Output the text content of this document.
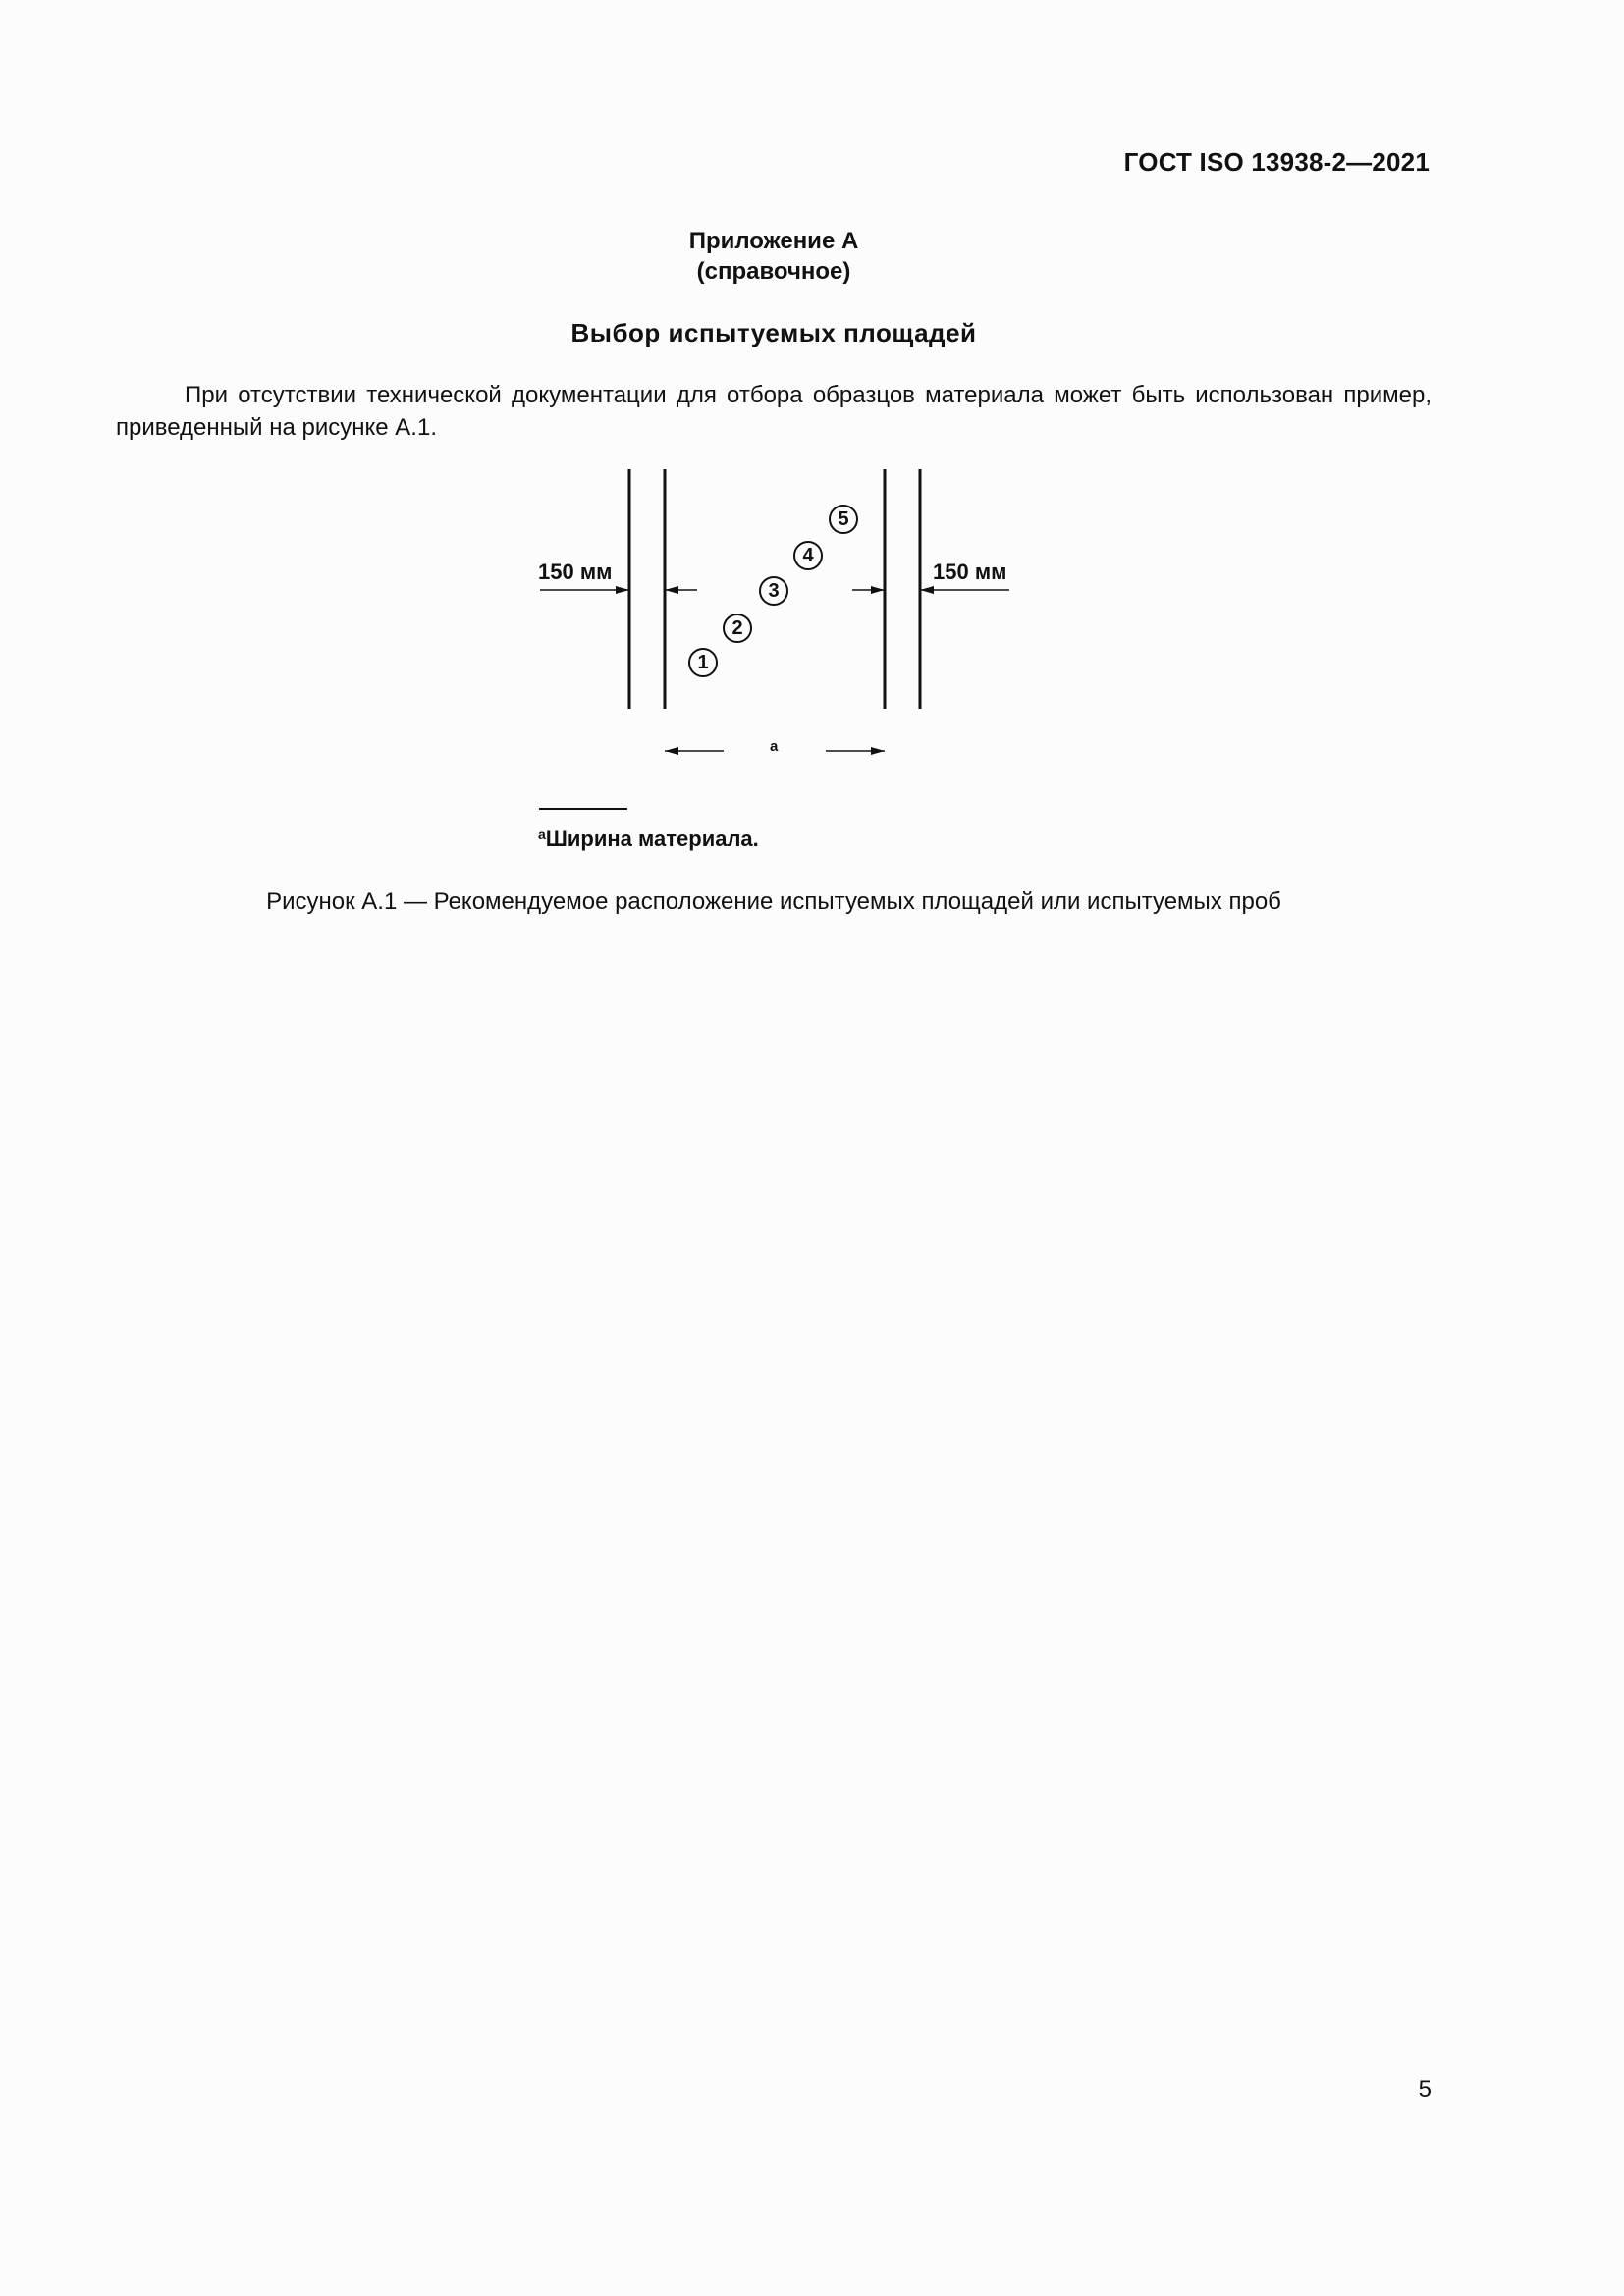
ГОСТ ISO 13938-2—2021
Приложение А
(справочное)
Выбор испытуемых площадей
При отсутствии технической документации для отбора образцов материала может быть использован пример, приведенный на рисунке А.1.
150 мм	150 мм
a
1
2
3
4
5
$^a$Ширина материала.
Рисунок А.1 — Рекомендуемое расположение испытуемых площадей или испытуемых проб
5
